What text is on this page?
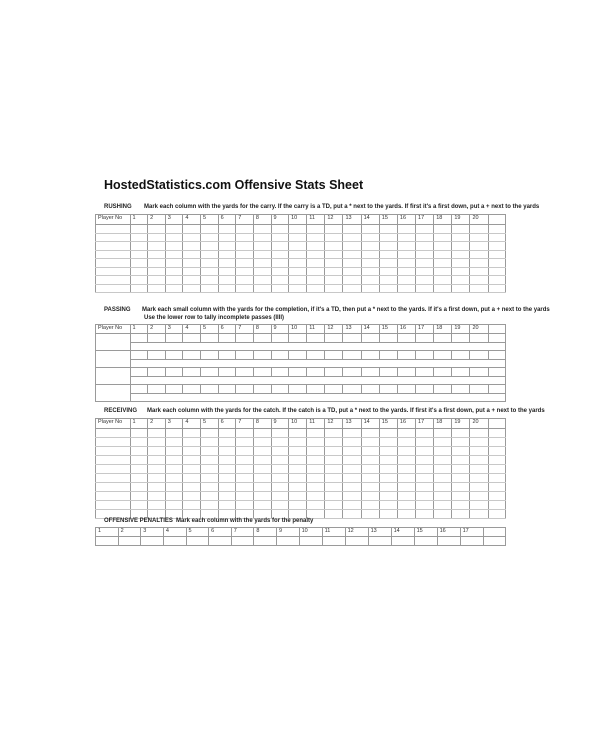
HostedStatistics.com Offensive Stats Sheet
RUSHING Mark each column with the yards for the carry. If the carry is a TD, put a * next to the yards. If first it's a first down, put a + next to the yards
Player No	1	2	3	4	5	6	7	8	9	10	11	12	13	14	15	16	17	18	19	20	

PASSING Mark each small column with the yards for the completion, if it's a TD, then put a * next to the yards. If it's a first down, put a + next to the yards
Use the lower row to tally incomplete passes (IIII)
Player No	1	2	3	4	5	6	7	8	9	10	11	12	13	14	15	16	17	18	19	20	

RECEIVING Mark each column with the yards for the catch. If the catch is a TD, put a * next to the yards. If first it's a first down, put a + next to the yards
Player No	1	2	3	4	5	6	7	8	9	10	11	12	13	14	15	16	17	18	19	20	

OFFENSIVE PENALTIES Mark each column with the yards for the penalty
1	2	3	4	5	6	7	8	9	10	11	12	13	14	15	16	17	
